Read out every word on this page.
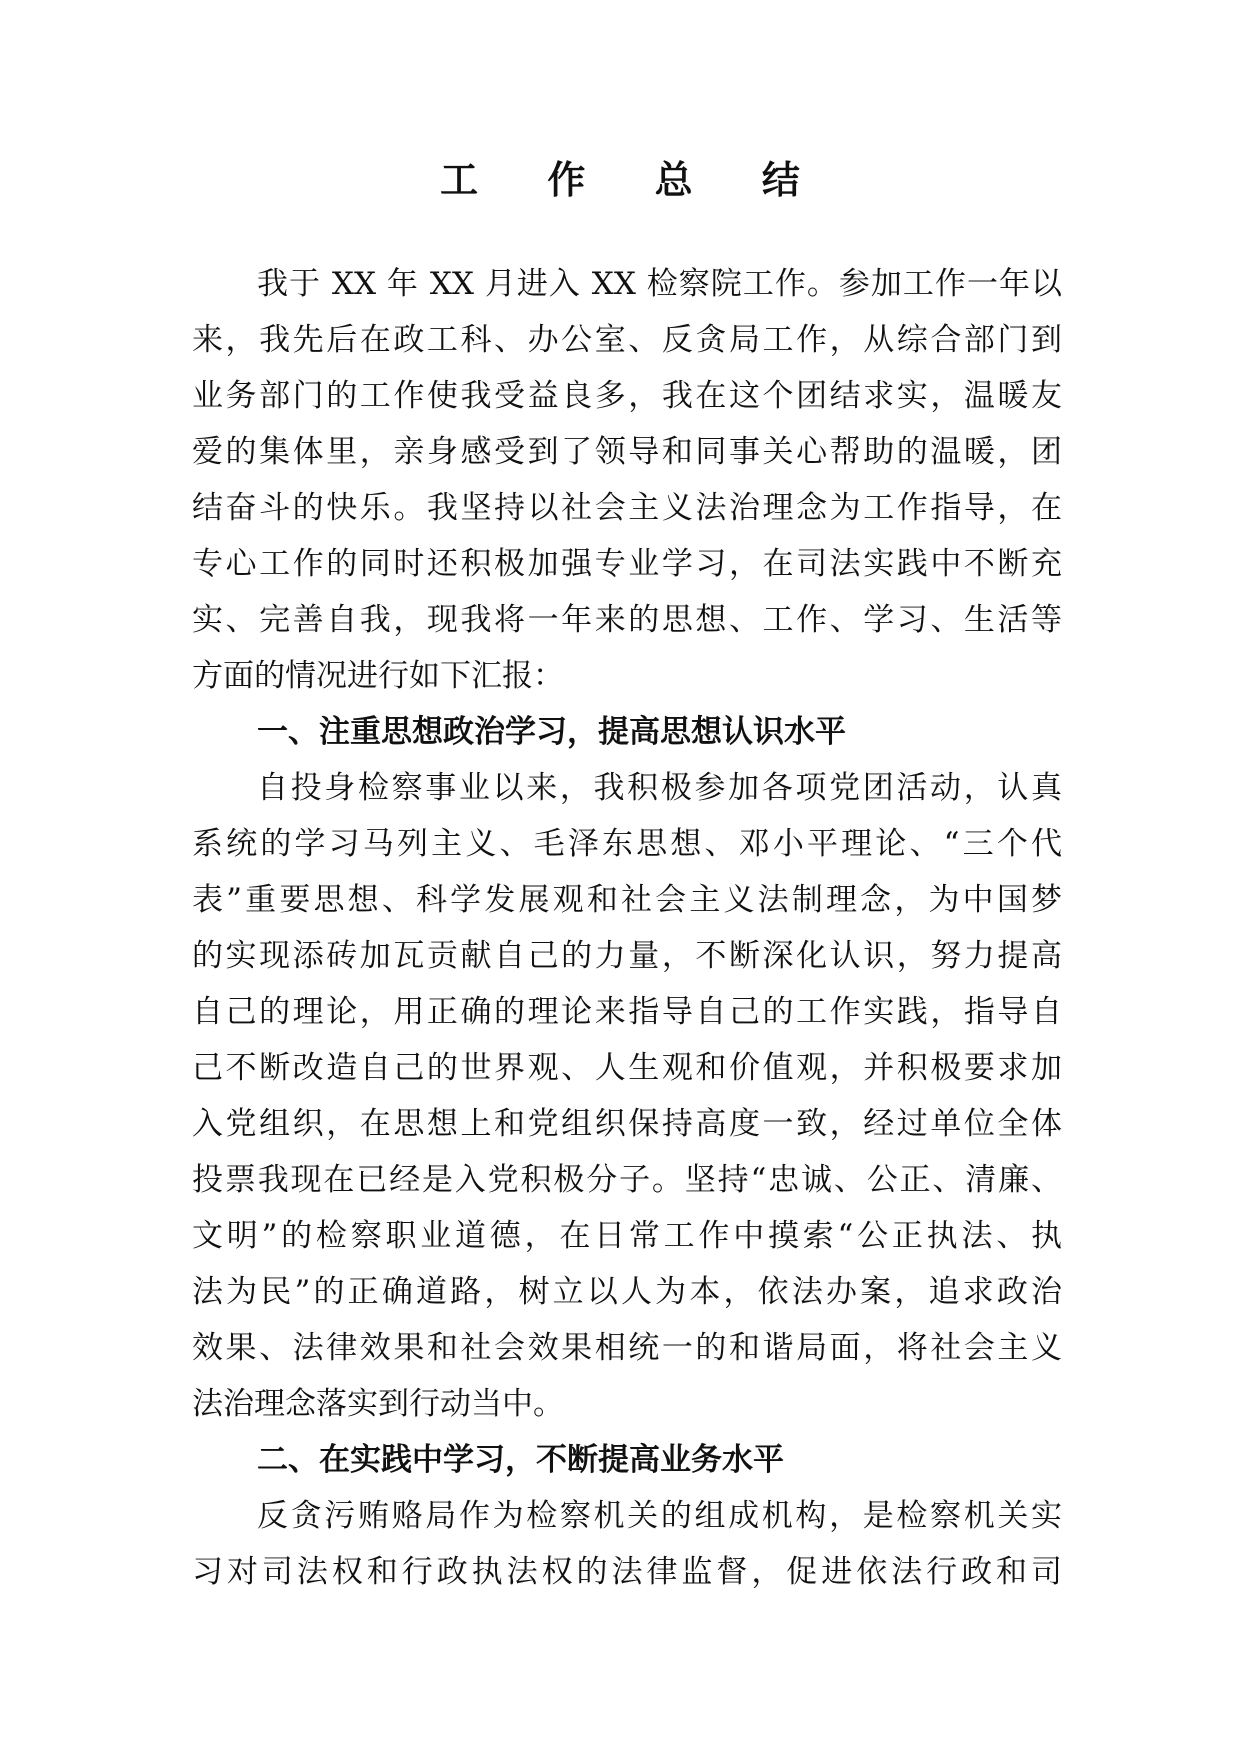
工 作 总 结
我于 XX 年 XX 月进入 XX 检察院工作。参加工作一年以
来，我先后在政工科、办公室、反贪局工作，从综合部门到
业务部门的工作使我受益良多，我在这个团结求实，温暖友
爱的集体里，亲身感受到了领导和同事关心帮助的温暖，团
结奋斗的快乐。我坚持以社会主义法治理念为工作指导，在
专心工作的同时还积极加强专业学习，在司法实践中不断充
实、完善自我，现我将一年来的思想、工作、学习、生活等
方面的情况进行如下汇报：
一、注重思想政治学习，提高思想认识水平
自投身检察事业以来，我积极参加各项党团活动，认真
系统的学习马列主义、毛泽东思想、邓小平理论、“三个代
表”重要思想、科学发展观和社会主义法制理念，为中国梦
的实现添砖加瓦贡献自己的力量，不断深化认识，努力提高
自己的理论，用正确的理论来指导自己的工作实践，指导自
己不断改造自己的世界观、人生观和价值观，并积极要求加
入党组织，在思想上和党组织保持高度一致，经过单位全体
投票我现在已经是入党积极分子。坚持“忠诚、公正、清廉、
文明”的检察职业道德，在日常工作中摸索“公正执法、执
法为民”的正确道路，树立以人为本，依法办案，追求政治
效果、法律效果和社会效果相统一的和谐局面，将社会主义
法治理念落实到行动当中。
二、在实践中学习，不断提高业务水平
反贪污贿赂局作为检察机关的组成机构，是检察机关实
习对司法权和行政执法权的法律监督，促进依法行政和司
